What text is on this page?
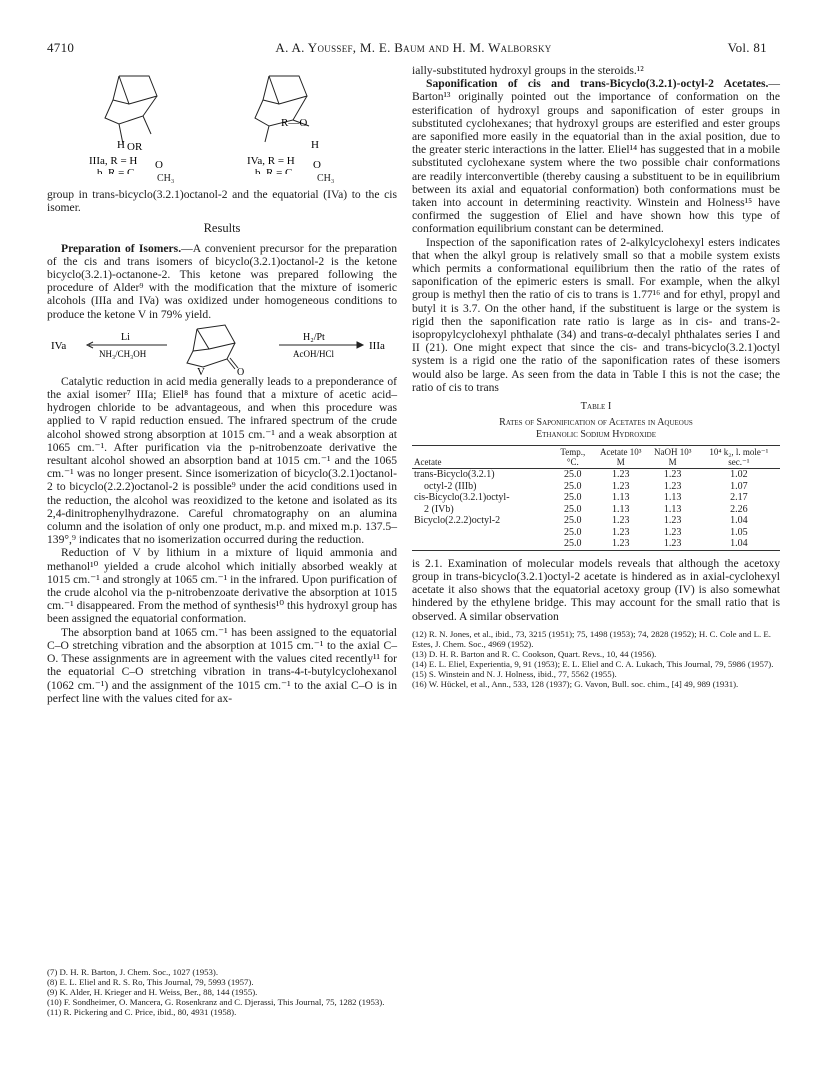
A. A. Youssef, M. E. Baum and H. M. Walborsky
4710	Vol. 81
H OR
R—O
H
IIIa, R = H
b, R = C
IVa, R = H
b, R = C
O	O
CH₃	CH₃

group in trans-bicyclo(3.2.1)octanol-2 and the equatorial (IVa) to the cis isomer.

Results

Preparation of Isomers.—A convenient precursor for the preparation of the cis and trans isomers of bicyclo(3.2.1)octanol-2 is the ketone bicyclo(3.2.1)-octanone-2. This ketone was prepared following the procedure of Alder⁹ with the modification that the mixture of isomeric alcohols (IIIa and IVa) was oxidized under homogeneous conditions to produce the ketone V in 79% yield.

IVa
Li
NH₃/CH₃OH
H₂/Pt
AcOH/HCl
IIIa
V	O

Catalytic reduction in acid media generally leads to a preponderance of the axial isomer⁷ IIIa; Eliel⁸ has found that a mixture of acetic acid–hydrogen chloride to be advantageous, and when this procedure was applied to V rapid reduction ensued. The infrared spectrum of the crude alcohol showed strong absorption at 1015 cm.⁻¹ and a weak absorption at 1065 cm.⁻¹. After purification via the p-nitrobenzoate derivative the resultant alcohol showed an absorption band at 1015 cm.⁻¹ and the 1065 cm.⁻¹ was no longer present. Since isomerization of bicyclo(3.2.1)octanol-2 to bicyclo(2.2.2)octanol-2 is possible⁹ under the acid conditions used in the reduction, the alcohol was reoxidized to the ketone and isolated as its 2,4-dinitrophenylhydrazone. Careful chromatography on an alumina column and the isolation of only one product, m.p. and mixed m.p. 137.5–139°,⁹ indicates that no isomerization occurred during the reduction.

Reduction of V by lithium in a mixture of liquid ammonia and methanol¹⁰ yielded a crude alcohol which initially absorbed weakly at 1015 cm.⁻¹ and strongly at 1065 cm.⁻¹ in the infrared. Upon purification of the crude alcohol via the p-nitrobenzoate derivative the absorption at 1015 cm.⁻¹ disappeared. From the method of synthesis¹⁰ this hydroxyl group has been assigned the equatorial conformation.

The absorption band at 1065 cm.⁻¹ has been assigned to the equatorial C–O stretching vibration and the absorption at 1015 cm.⁻¹ to the axial C–O. These assignments are in agreement with the values cited recently¹¹ for the equatorial C–O stretching vibration in trans-4-t-butylcyclohexanol (1062 cm.⁻¹) and the assignment of the 1015 cm.⁻¹ to the axial C–O is in perfect line with the values cited for ax-

(7) D. H. R. Barton, J. Chem. Soc., 1027 (1953).

(8) E. L. Eliel and R. S. Ro, This Journal, 79, 5993 (1957).

(9) K. Alder, H. Krieger and H. Weiss, Ber., 88, 144 (1955).

(10) F. Sondheimer, O. Mancera, G. Rosenkranz and C. Djerassi, This Journal, 75, 1282 (1953).

(11) R. Pickering and C. Price, ibid., 80, 4931 (1958).

ially-substituted hydroxyl groups in the steroids.¹²

Saponification of cis and trans-Bicyclo(3.2.1)-octyl-2 Acetates.—Barton¹³ originally pointed out the importance of conformation on the esterification of hydroxyl groups and saponification of ester groups in substituted cyclohexanes; that hydroxyl groups are esterified and ester groups are saponified more easily in the equatorial than in the axial position, due to the greater steric interactions in the latter. Eliel¹⁴ has suggested that in a mobile substituted cyclohexane system where the two possible chair conformations are readily interconvertible (thereby causing a substituent to be in equilibrium between its axial and equatorial conformation) both conformations must be taken into account in determining reactivity. Winstein and Holness¹⁵ have confirmed the suggestion of Eliel and have shown how this type of conformation equilibrium constant can be determined.

Inspection of the saponification rates of 2-alkylcyclohexyl esters indicates that when the alkyl group is relatively small so that a mobile system exists which permits a conformational equilibrium then the ratio of the rates of saponification of the epimeric esters is small. For example, when the alkyl group is methyl then the ratio of cis to trans is 1.77¹⁶ and for ethyl, propyl and butyl it is 3.7. On the other hand, if the substituent is large or the system is rigid then the saponification rate ratio is large as in cis- and trans-2-isopropylcyclohexyl phthalate (34) and trans-α-decalyl phthalates series I and II (21). One might expect that since the cis- and trans-bicyclo(3.2.1)octyl system is a rigid one the ratio of the saponification rates of these isomers would also be large. As seen from the data in Table I this is not the case; the ratio of cis to trans

Table I
Rates of Saponification of Acetates in Aqueous
Ethanolic Sodium Hydroxide
Acetate	Temp., °C.	Acetate 10³ M	NaOH 10³ M	10⁴ k₂, l. mole⁻¹ sec.⁻¹
trans-Bicyclo(3.2.1)	25.0	1.23	1.23	1.02
octyl-2 (IIIb)	25.0	1.23	1.23	1.07
cis-Bicyclo(3.2.1)octyl-	25.0	1.13	1.13	2.17
2 (IVb)	25.0	1.13	1.13	2.26
Bicyclo(2.2.2)octyl-2	25.0	1.23	1.23	1.04
	25.0	1.23	1.23	1.05
	25.0	1.23	1.23	1.04

is 2.1. Examination of molecular models reveals that although the acetoxy group in trans-bicyclo(3.2.1)octyl-2 acetate is hindered as in axial-cyclohexyl acetate it also shows that the equatorial acetoxy group (IV) is also somewhat hindered by the ethylene bridge. This may account for the small ratio that is observed. A similar observation

(12) R. N. Jones, et al., ibid., 73, 3215 (1951); 75, 1498 (1953); 74, 2828 (1952); H. C. Cole and L. E. Estes, J. Chem. Soc., 4969 (1952).

(13) D. H. R. Barton and R. C. Cookson, Quart. Revs., 10, 44 (1956).

(14) E. L. Eliel, Experientia, 9, 91 (1953); E. L. Eliel and C. A. Lukach, This Journal, 79, 5986 (1957).

(15) S. Winstein and N. J. Holness, ibid., 77, 5562 (1955).

(16) W. Hückel, et al., Ann., 533, 128 (1937); G. Vavon, Bull. soc. chim., [4] 49, 989 (1931).
